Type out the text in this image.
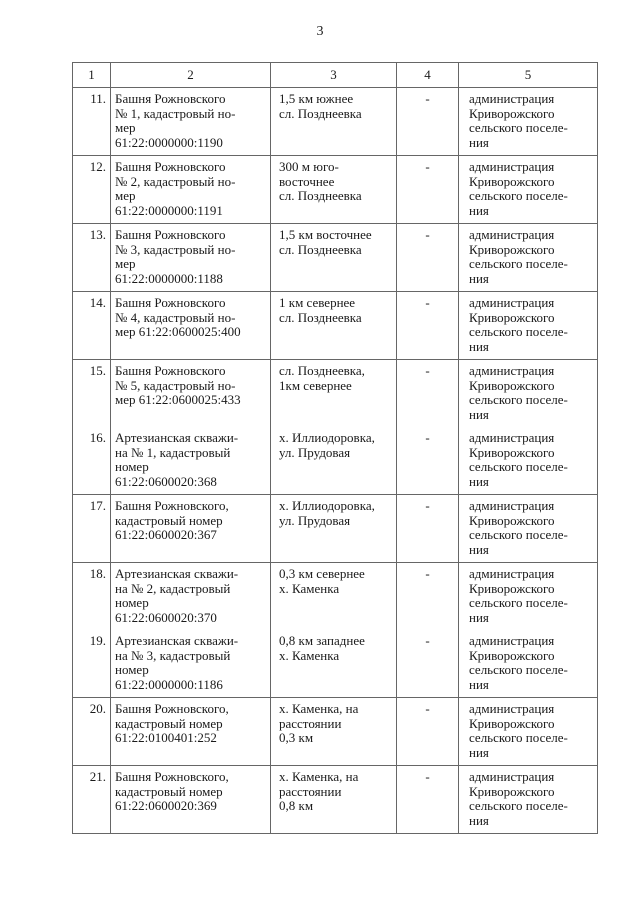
3
1	2	3	4	5
11.	Башня Рожновского
№ 1, кадастровый но-
мер
61:22:0000000:1190	1,5 км южнее
сл. Позднеевка	-	администрация
Криворожского
сельского поселе-
ния

12.	Башня Рожновского
№ 2, кадастровый но-
мер
61:22:0000000:1191	300 м юго-
восточнее
сл. Позднеевка	-	администрация
Криворожского
сельского поселе-
ния

13.	Башня Рожновского
№ 3, кадастровый но-
мер
61:22:0000000:1188	1,5 км восточнее
сл. Позднеевка	-	администрация
Криворожского
сельского поселе-
ния

14.	Башня Рожновского
№ 4, кадастровый но-
мер 61:22:0600025:400	1 км севернее
сл. Позднеевка	-	администрация
Криворожского
сельского поселе-
ния

15.	Башня Рожновского
№ 5, кадастровый но-
мер 61:22:0600025:433	сл. Позднеевка,
1км севернее	-	администрация
Криворожского
сельского поселе-
ния

16.	Артезианская скважи-
на № 1, кадастровый
номер
61:22:0600020:368	х. Иллиодоровка,
ул. Прудовая	-	администрация
Криворожского
сельского поселе-
ния

17.	Башня Рожновского,
кадастровый номер
61:22:0600020:367	х. Иллиодоровка,
ул. Прудовая	-	администрация
Криворожского
сельского поселе-
ния

18.	Артезианская скважи-
на № 2, кадастровый
номер
61:22:0600020:370	0,3 км севернее
х. Каменка	-	администрация
Криворожского
сельского поселе-
ния

19.	Артезианская скважи-
на № 3, кадастровый
номер
61:22:0000000:1186	0,8 км западнее
х. Каменка	-	администрация
Криворожского
сельского поселе-
ния

20.	Башня Рожновского,
кадастровый номер
61:22:0100401:252	х. Каменка, на
расстоянии
0,3 км	-	администрация
Криворожского
сельского поселе-
ния

21.	Башня Рожновского,
кадастровый номер
61:22:0600020:369	х. Каменка, на
расстоянии
0,8 км	-	администрация
Криворожского
сельского поселе-
ния
